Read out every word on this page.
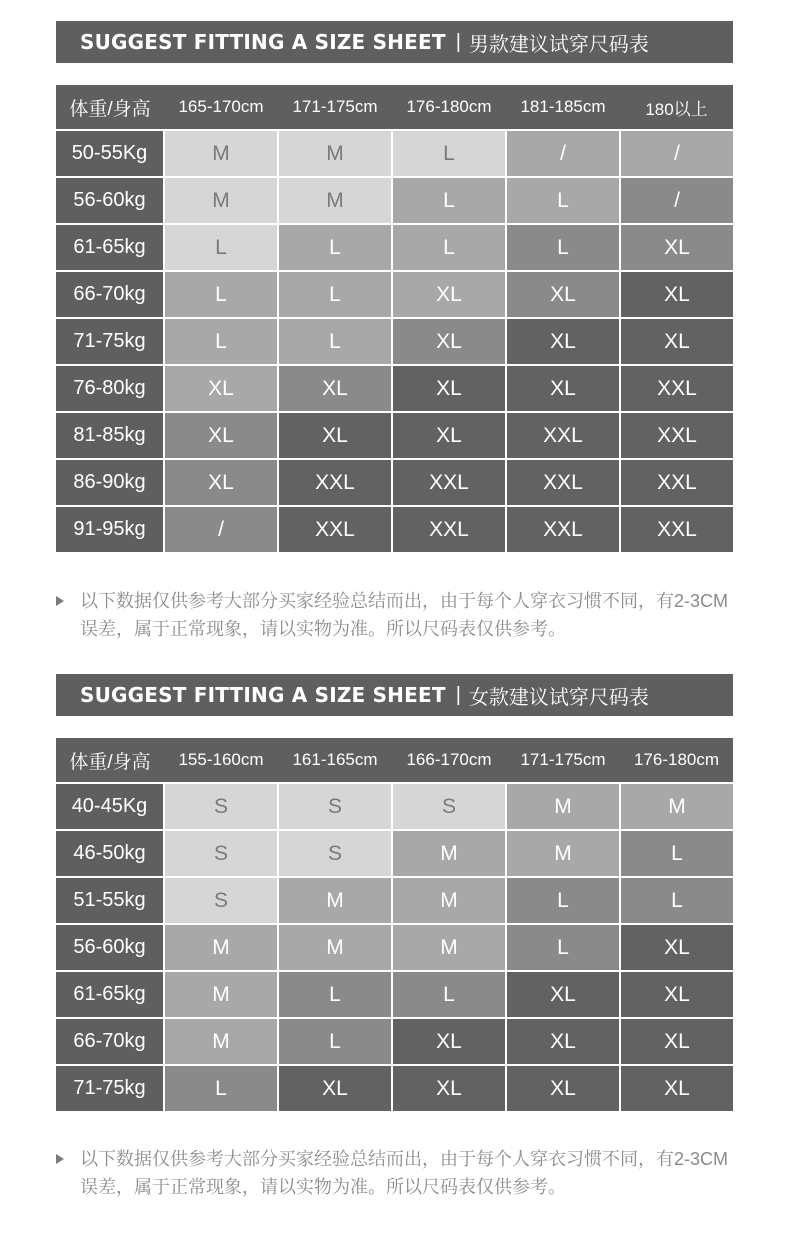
SUGGEST FITTING A SIZE SHEET | 男款建议试穿尺码表
体重/身高	165-170cm	171-175cm	176-180cm	181-185cm	180以上
50-55Kg	M	M	L	/	/
56-60kg	M	M	L	L	/
61-65kg	L	L	L	L	XL
66-70kg	L	L	XL	XL	XL
71-75kg	L	L	XL	XL	XL
76-80kg	XL	XL	XL	XL	XXL
81-85kg	XL	XL	XL	XXL	XXL
86-90kg	XL	XXL	XXL	XXL	XXL
91-95kg	/	XXL	XXL	XXL	XXL
以下数据仅供参考大部分买家经验总结而出，由于每个人穿衣习惯不同，有2-3CM误差，属于正常现象，请以实物为准。所以尺码表仅供参考。
SUGGEST FITTING A SIZE SHEET | 女款建议试穿尺码表
体重/身高	155-160cm	161-165cm	166-170cm	171-175cm	176-180cm
40-45Kg	S	S	S	M	M
46-50kg	S	S	M	M	L
51-55kg	S	M	M	L	L
56-60kg	M	M	M	L	XL
61-65kg	M	L	L	XL	XL
66-70kg	M	L	XL	XL	XL
71-75kg	L	XL	XL	XL	XL
以下数据仅供参考大部分买家经验总结而出，由于每个人穿衣习惯不同，有2-3CM误差，属于正常现象，请以实物为准。所以尺码表仅供参考。
